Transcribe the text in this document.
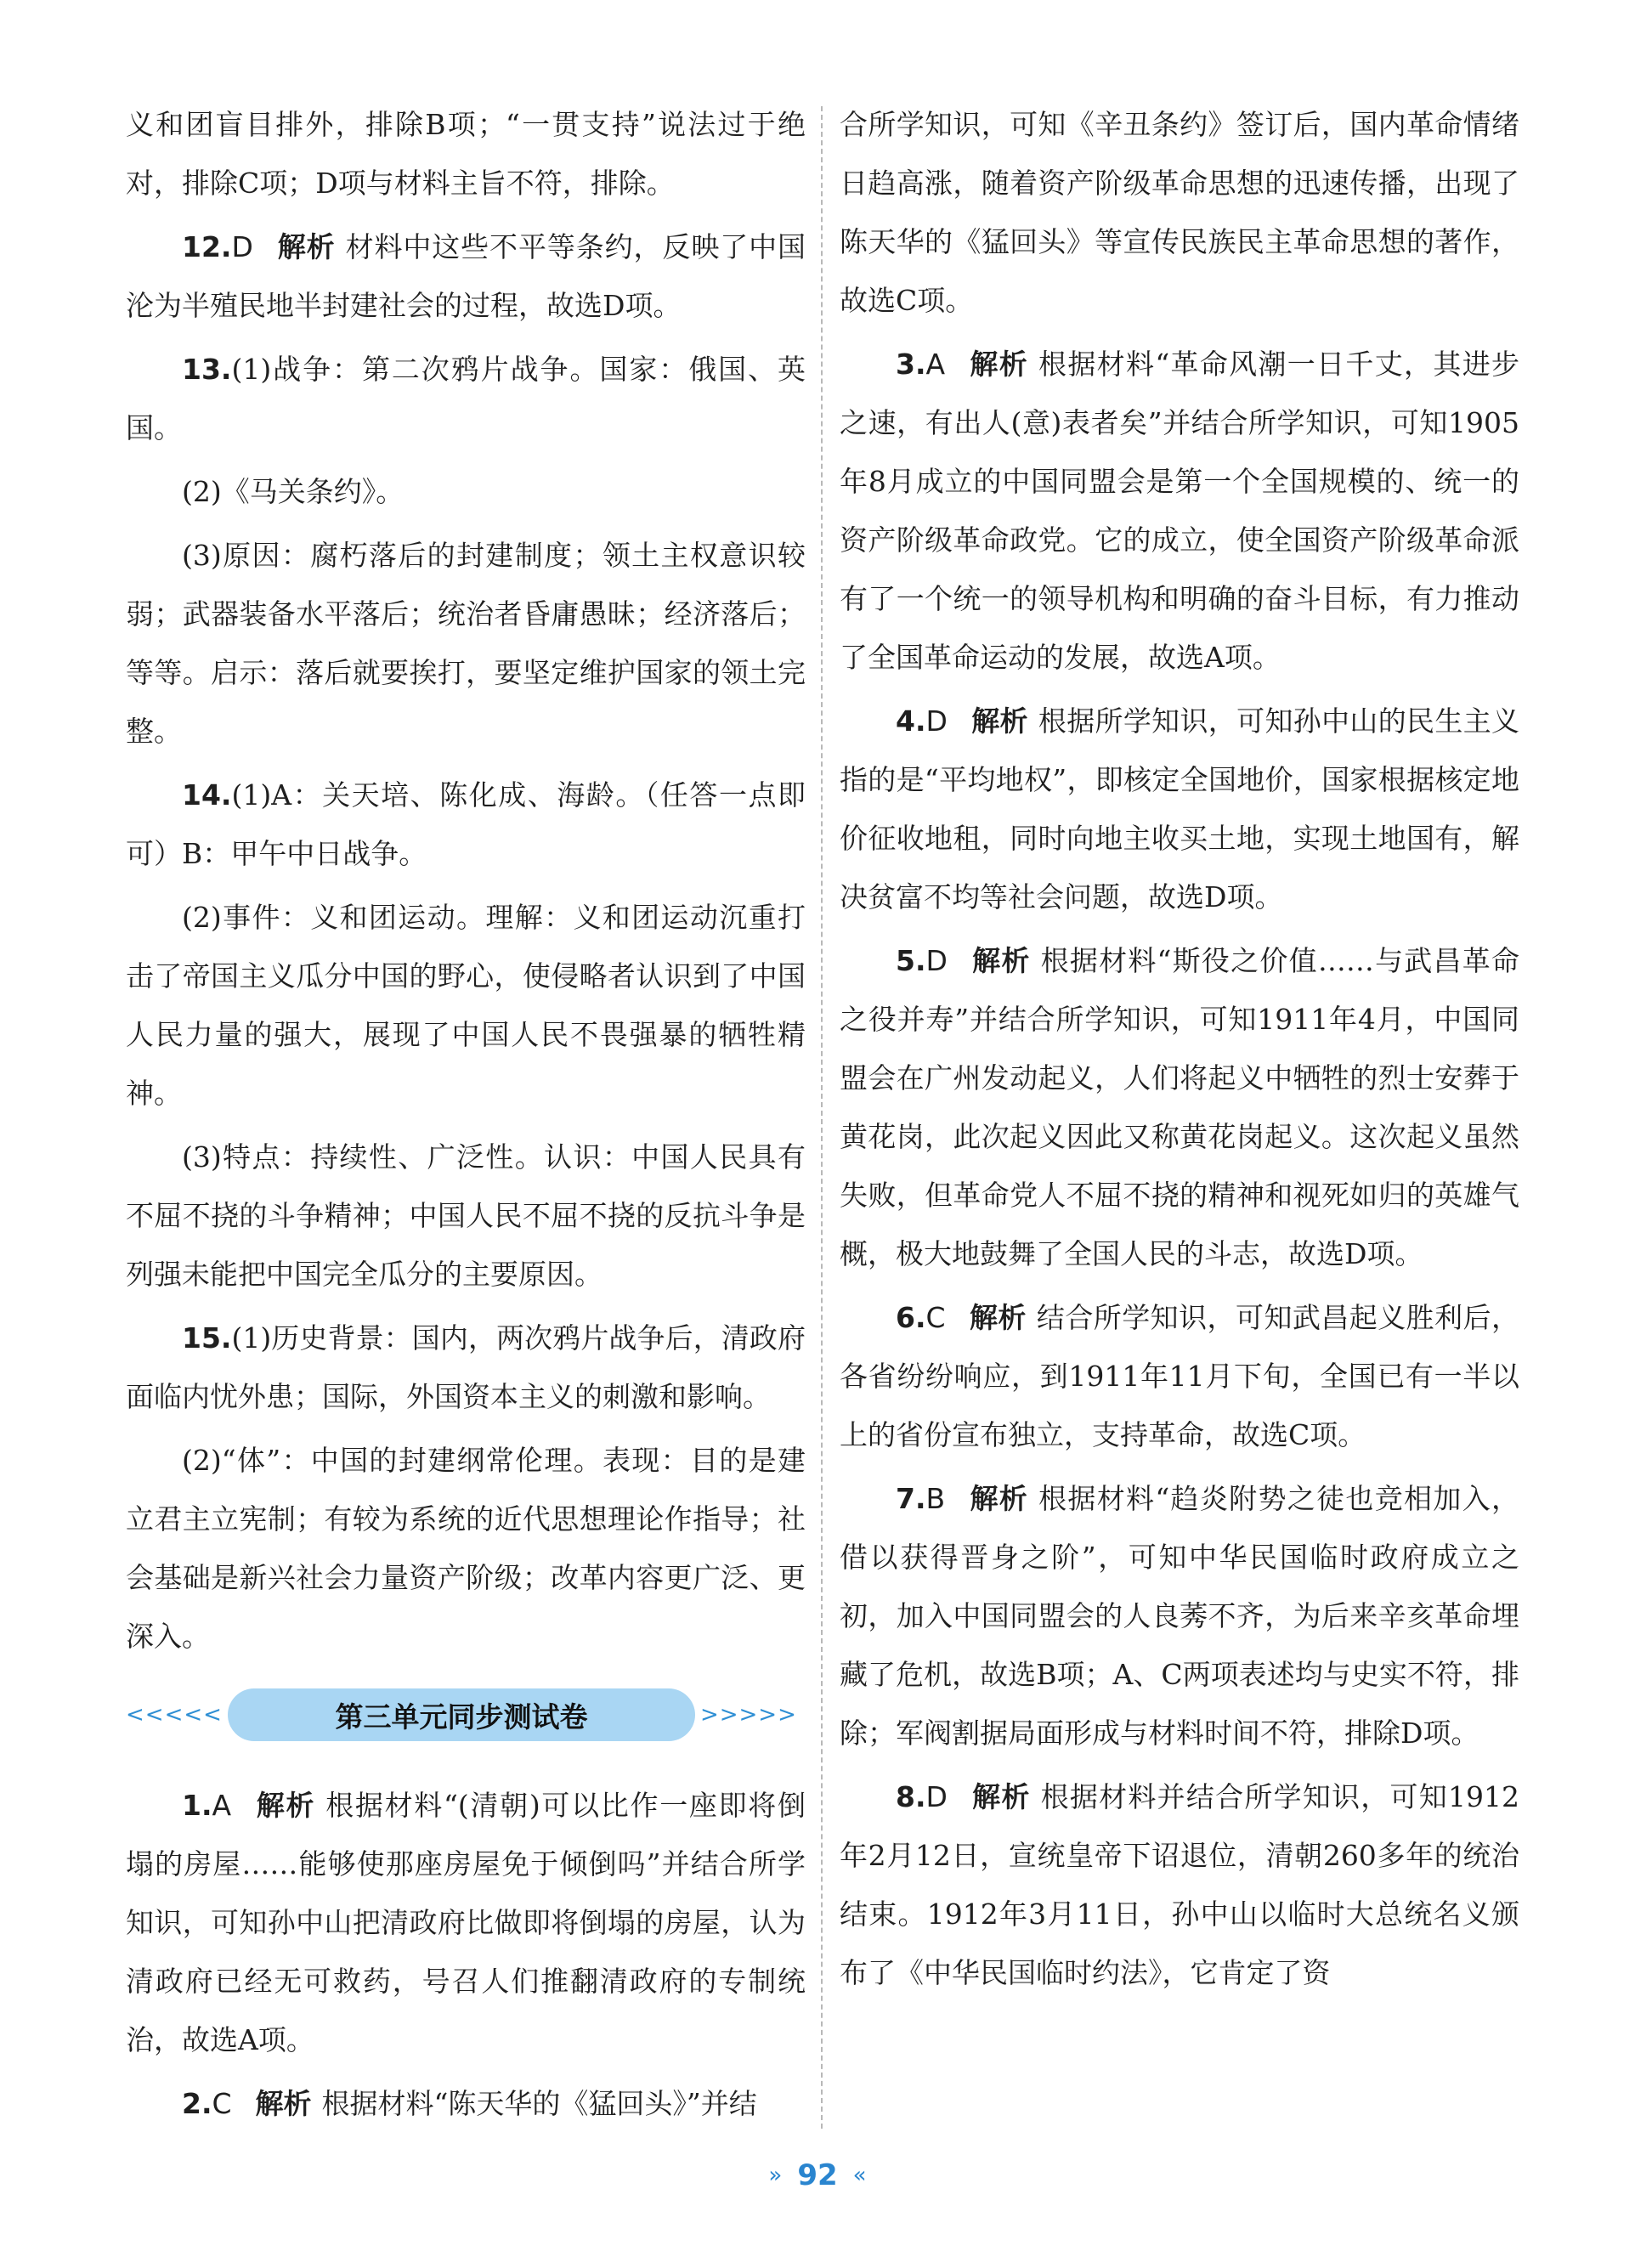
义和团盲目排外，排除B项；“一贯支持”说法过于绝对，排除C项；D项与材料主旨不符，排除。

12.D 解析 材料中这些不平等条约，反映了中国沦为半殖民地半封建社会的过程，故选D项。

13.(1)战争：第二次鸦片战争。国家：俄国、英国。

(2)《马关条约》。

(3)原因：腐朽落后的封建制度；领土主权意识较弱；武器装备水平落后；统治者昏庸愚昧；经济落后；等等。启示：落后就要挨打，要坚定维护国家的领土完整。

14.(1)A：关天培、陈化成、海龄。（任答一点即可）B：甲午中日战争。

(2)事件：义和团运动。理解：义和团运动沉重打击了帝国主义瓜分中国的野心，使侵略者认识到了中国人民力量的强大，展现了中国人民不畏强暴的牺牲精神。

(3)特点：持续性、广泛性。认识：中国人民具有不屈不挠的斗争精神；中国人民不屈不挠的反抗斗争是列强未能把中国完全瓜分的主要原因。

15.(1)历史背景：国内，两次鸦片战争后，清政府面临内忧外患；国际，外国资本主义的刺激和影响。

(2)“体”：中国的封建纲常伦理。表现：目的是建立君主立宪制；有较为系统的近代思想理论作指导；社会基础是新兴社会力量资产阶级；改革内容更广泛、更深入。

<<<<<	第三单元同步测试卷	>>>>>

1.A 解析 根据材料“(清朝)可以比作一座即将倒塌的房屋……能够使那座房屋免于倾倒吗”并结合所学知识，可知孙中山把清政府比做即将倒塌的房屋，认为清政府已经无可救药，号召人们推翻清政府的专制统治，故选A项。

2.C 解析 根据材料“陈天华的《猛回头》”并结

合所学知识，可知《辛丑条约》签订后，国内革命情绪日趋高涨，随着资产阶级革命思想的迅速传播，出现了陈天华的《猛回头》等宣传民族民主革命思想的著作，故选C项。

3.A 解析 根据材料“革命风潮一日千丈，其进步之速，有出人(意)表者矣”并结合所学知识，可知1905年8月成立的中国同盟会是第一个全国规模的、统一的资产阶级革命政党。它的成立，使全国资产阶级革命派有了一个统一的领导机构和明确的奋斗目标，有力推动了全国革命运动的发展，故选A项。

4.D 解析 根据所学知识，可知孙中山的民生主义指的是“平均地权”，即核定全国地价，国家根据核定地价征收地租，同时向地主收买土地，实现土地国有，解决贫富不均等社会问题，故选D项。

5.D 解析 根据材料“斯役之价值……与武昌革命之役并寿”并结合所学知识，可知1911年4月，中国同盟会在广州发动起义，人们将起义中牺牲的烈士安葬于黄花岗，此次起义因此又称黄花岗起义。这次起义虽然失败，但革命党人不屈不挠的精神和视死如归的英雄气概，极大地鼓舞了全国人民的斗志，故选D项。

6.C 解析 结合所学知识，可知武昌起义胜利后，各省纷纷响应，到1911年11月下旬，全国已有一半以上的省份宣布独立，支持革命，故选C项。

7.B 解析 根据材料“趋炎附势之徒也竞相加入，借以获得晋身之阶”，可知中华民国临时政府成立之初，加入中国同盟会的人良莠不齐，为后来辛亥革命埋藏了危机，故选B项；A、C两项表述均与史实不符，排除；军阀割据局面形成与材料时间不符，排除D项。

8.D 解析 根据材料并结合所学知识，可知1912年2月12日，宣统皇帝下诏退位，清朝260多年的统治结束。1912年3月11日，孙中山以临时大总统名义颁布了《中华民国临时约法》，它肯定了资

» 92 «
